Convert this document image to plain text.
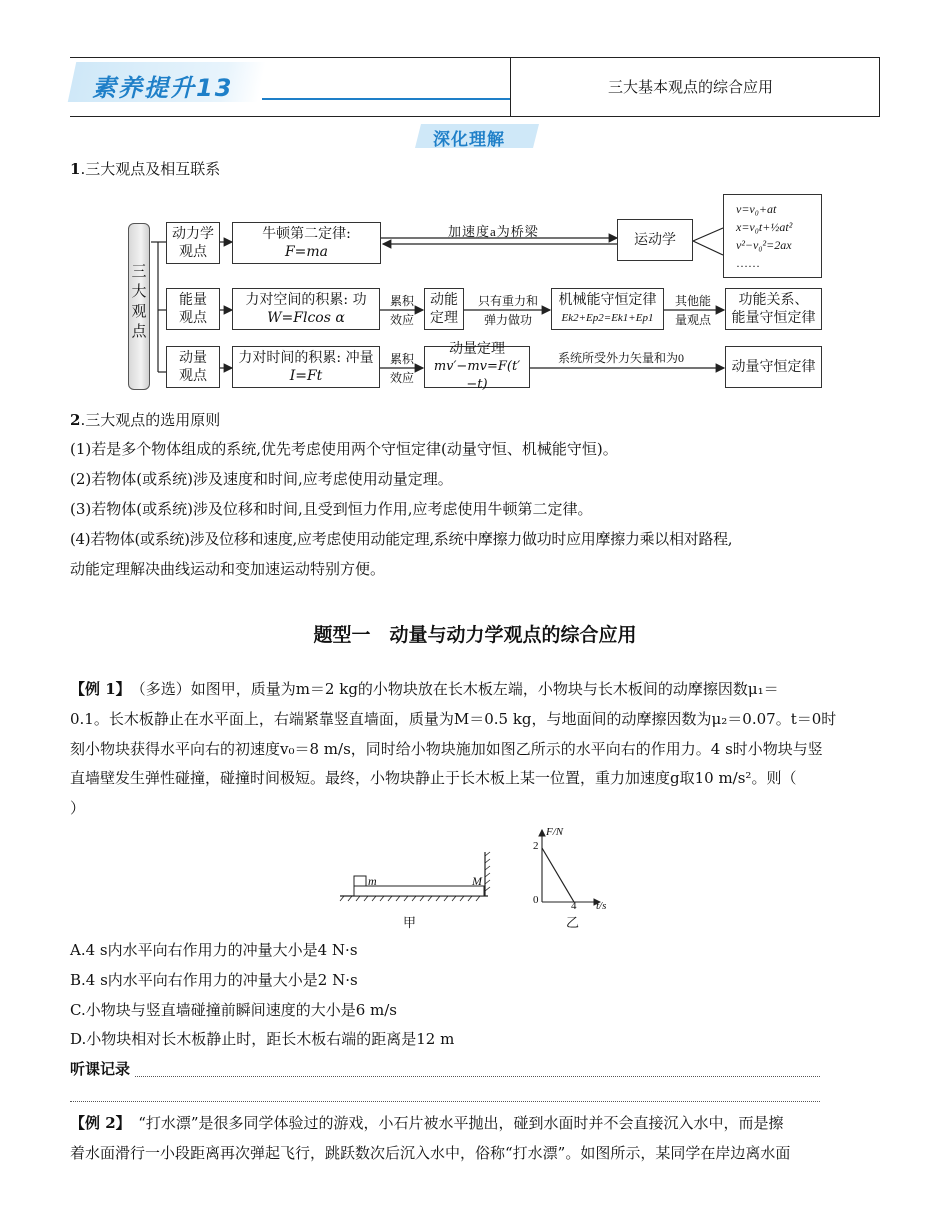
素养提升13	三大基本观点的综合应用
深化理解
1.三大观点及相互联系
三大观点
动力学
观点
牛顿第二定律:
F=ma
加速度a为桥梁
运动学
v=v₀+at
x=v₀t+½at²
v²−v₀²=2ax
……
能量
观点
力对空间的积累: 功
W=Flcos α
累积
效应
动能
定理
只有重力和
弹力做功
机械能守恒定律
Ek2+Ep2=Ek1+Ep1
其他能
量观点
功能关系、
能量守恒定律
动量
观点
力对时间的积累: 冲量
I=Ft
累积
效应
动量定理
mv′−mv=F(t′−t)
系统所受外力矢量和为0
动量守恒定律
2.三大观点的选用原则
(1)若是多个物体组成的系统,优先考虑使用两个守恒定律(动量守恒、机械能守恒)。
(2)若物体(或系统)涉及速度和时间,应考虑使用动量定理。
(3)若物体(或系统)涉及位移和时间,且受到恒力作用,应考虑使用牛顿第二定律。
(4)若物体(或系统)涉及位移和速度,应考虑使用动能定理,系统中摩擦力做功时应用摩擦力乘以相对路程,
动能定理解决曲线运动和变加速运动特别方便。
题型一　动量与动力学观点的综合应用
【例 1】　 （多选）如图甲，质量为m＝2 kg的小物块放在长木板左端，小物块与长木板间的动摩擦因数μ₁＝
0.1。长木板静止在水平面上，右端紧靠竖直墙面，质量为M＝0.5 kg，与地面间的动摩擦因数为μ₂＝0.07。t＝0时
刻小物块获得水平向右的初速度v₀＝8 m/s，同时给小物块施加如图乙所示的水平向右的作用力。4 s时小物块与竖
直墙壁发生弹性碰撞，碰撞时间极短。最终，小物块静止于长木板上某一位置，重力加速度g取10 m/s²。则（
）
m	M
甲
F/N
2
0	4 t/s
乙
A.4 s内水平向右作用力的冲量大小是4 N·s
B.4 s内水平向右作用力的冲量大小是2 N·s
C.小物块与竖直墙碰撞前瞬间速度的大小是6 m/s
D.小物块相对长木板静止时，距长木板右端的距离是12 m
听课记录
【例 2】　 “打水漂”是很多同学体验过的游戏，小石片被水平抛出，碰到水面时并不会直接沉入水中，而是擦
着水面滑行一小段距离再次弹起飞行，跳跃数次后沉入水中，俗称“打水漂”。如图所示，某同学在岸边离水面
